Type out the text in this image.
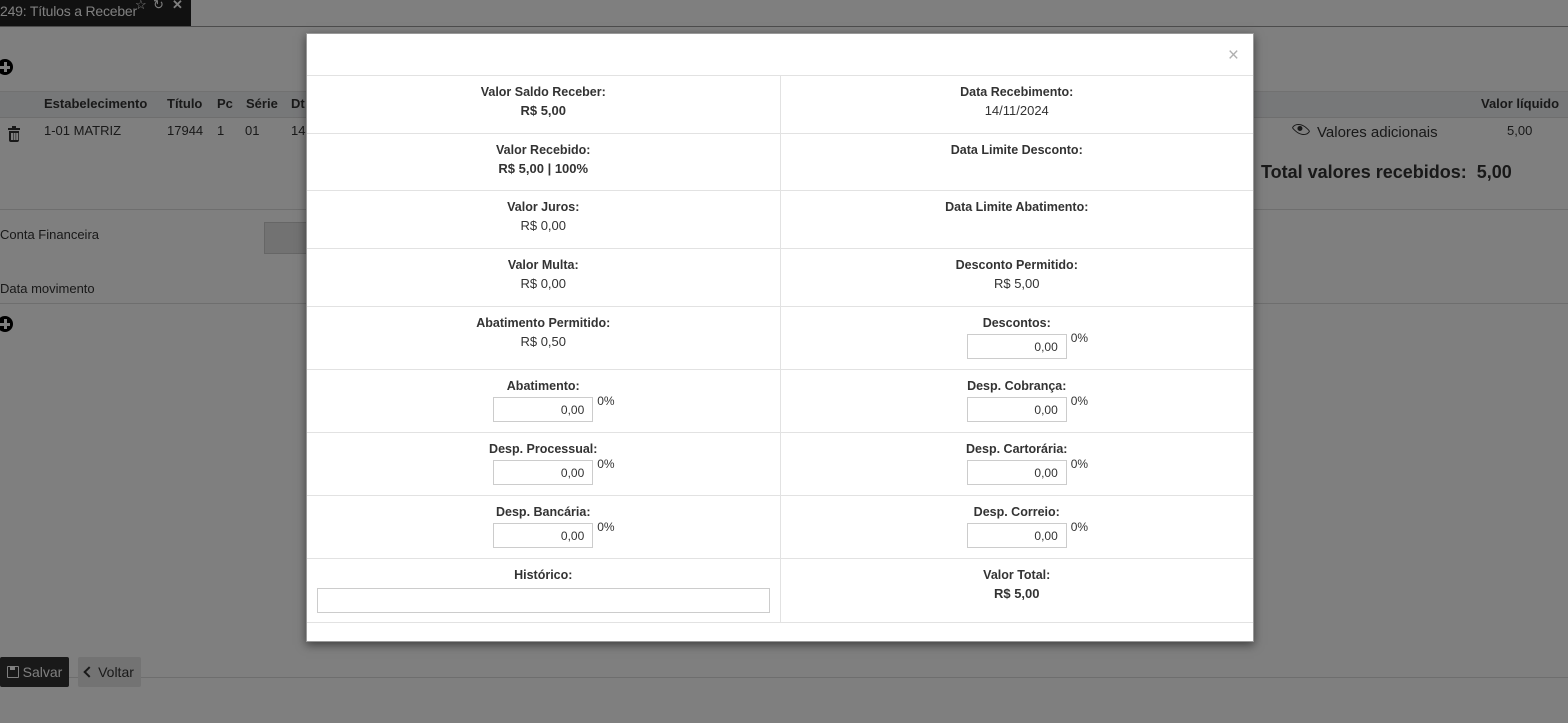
×
Valor Saldo Receber:
R$ 5,00
Data Recebimento:
14/11/2024
Valor Recebido:
R$ 5,00 | 100%
Data Limite Desconto:
Valor Juros:
R$ 0,00
Data Limite Abatimento:
Valor Multa:
R$ 0,00
Desconto Permitido:
R$ 5,00
Abatimento Permitido:
R$ 0,50
Descontos:
0,00
0%
Abatimento:
0,00
0%
Desp. Cobrança:
0,00
0%
Desp. Processual:
0,00
0%
Desp. Cartorária:
0,00
0%
Desp. Bancária:
0,00
0%
Desp. Correio:
0,00
0%
Histórico:	Valor Total:
R$ 5,00
